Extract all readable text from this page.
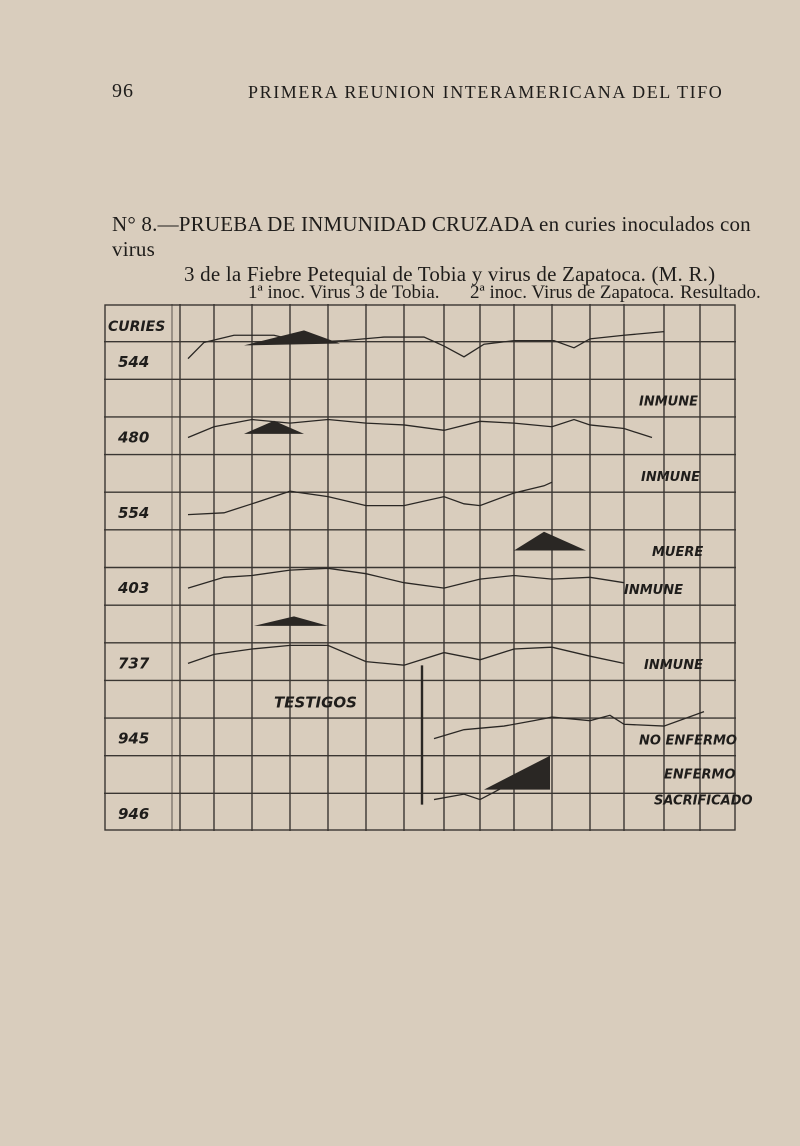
96	PRIMERA REUNION INTERAMERICANA DEL TIFO
N° 8.—PRUEBA DE INMUNIDAD CRUZADA en curies inoculados con virus
3 de la Fiebre Petequial de Tobia y virus de Zapatoca. (M. R.)
1ª inoc. Virus 3 de Tobia. 2ª inoc. Virus de Zapatoca. Resultado.
544
480
554
403
737
945
946
INMUNE
INMUNE
MUERE
INMUNE
INMUNE
NO ENFERMO
ENFERMO
SACRIFICADO
CURIES
TESTIGOS
